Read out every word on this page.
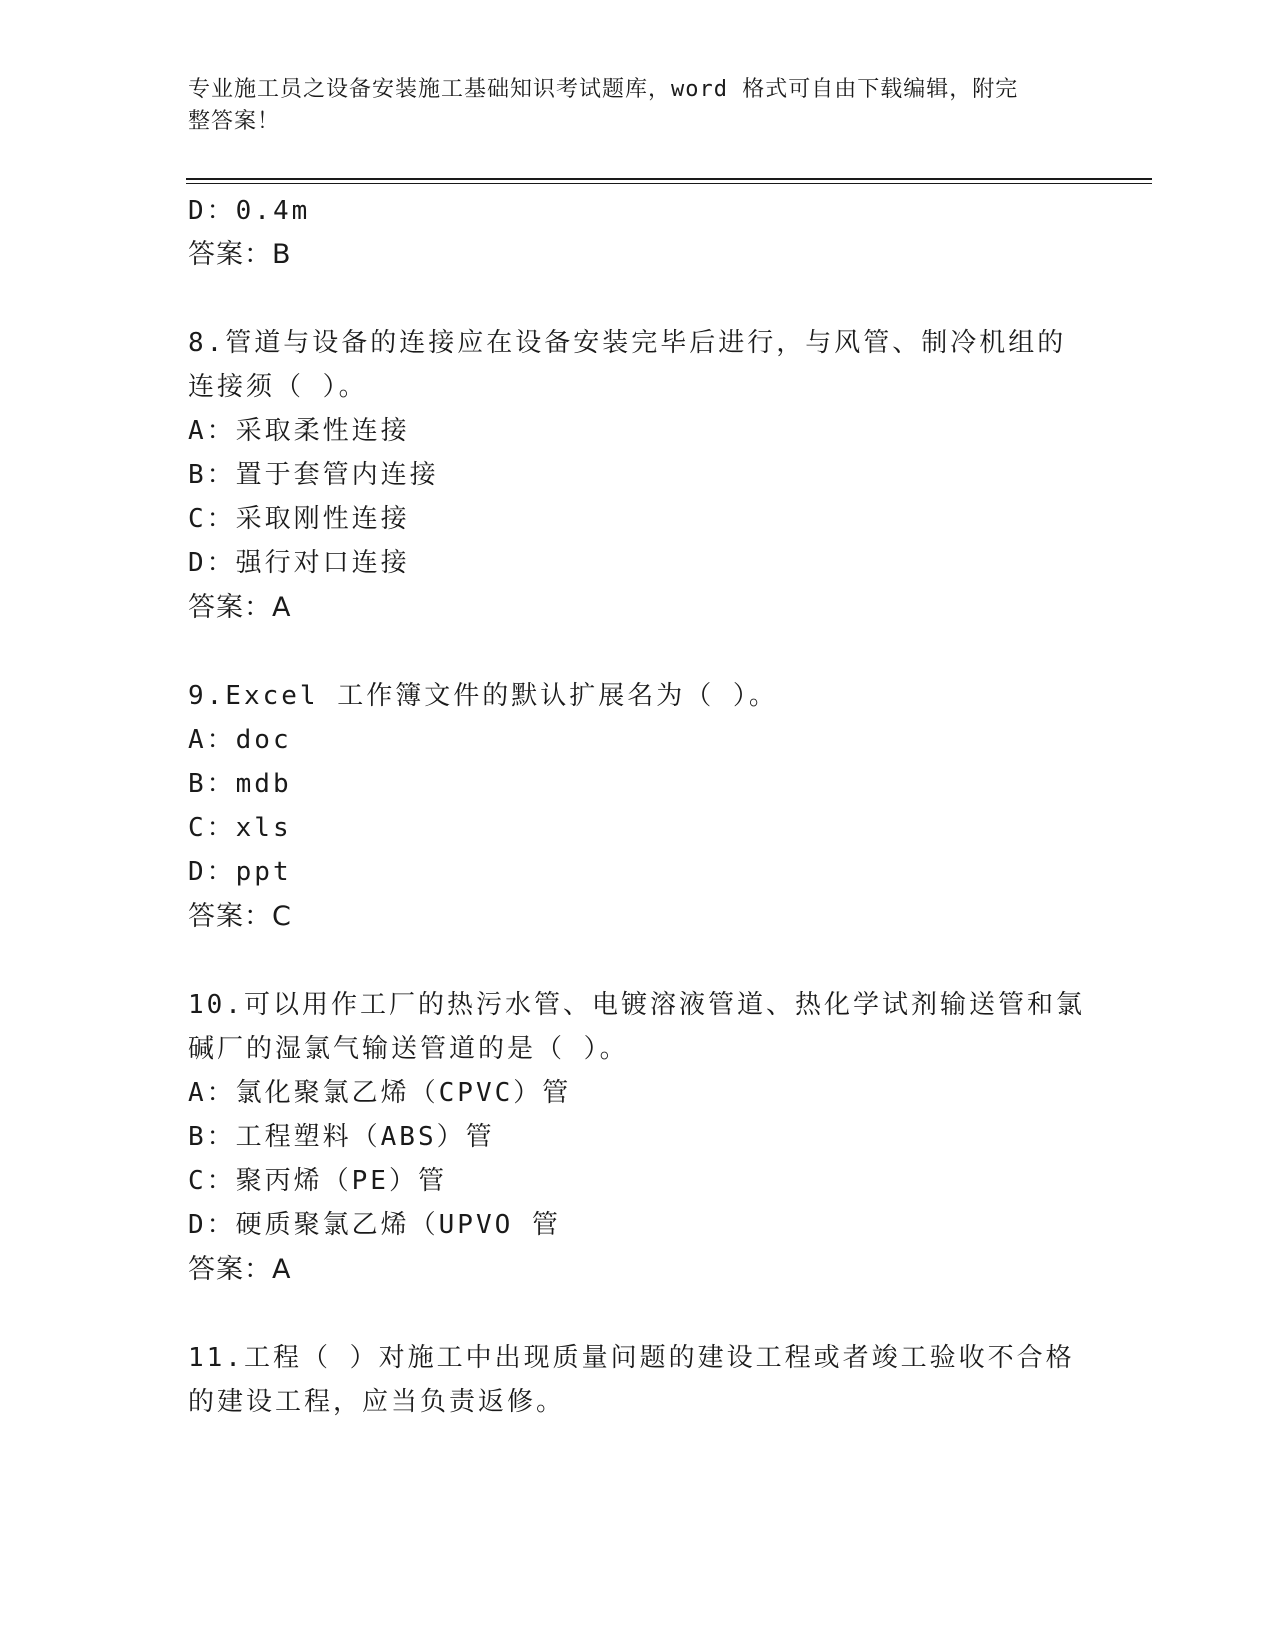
专业施工员之设备安装施工基础知识考试题库，word 格式可自由下载编辑，附完
整答案！
D：0.4m
答案：B
8.管道与设备的连接应在设备安装完毕后进行，与风管、制冷机组的
连接须（ ）。
A：采取柔性连接
B：置于套管内连接
C：采取刚性连接
D：强行对口连接
答案：A
9.Excel 工作簿文件的默认扩展名为（ ）。
A：doc
B：mdb
C：xls
D：ppt
答案：C
10.可以用作工厂的热污水管、电镀溶液管道、热化学试剂输送管和氯
碱厂的湿氯气输送管道的是（ ）。
A：氯化聚氯乙烯（CPVC）管
B：工程塑料（ABS）管
C：聚丙烯（PE）管
D：硬质聚氯乙烯（UPVO 管
答案：A
11.工程（ ）对施工中出现质量问题的建设工程或者竣工验收不合格
的建设工程，应当负责返修。
